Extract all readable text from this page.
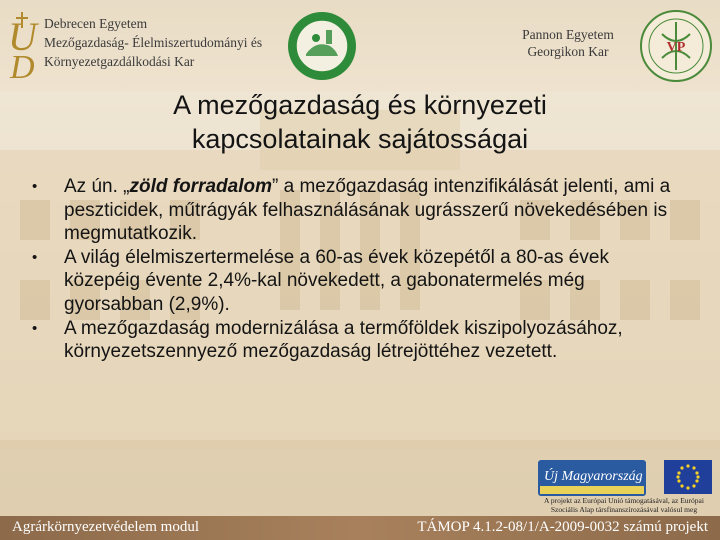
U
D
Debrecen Egyetem
Mezőgazdaság- Élelmiszertudományi és
Környezetgazdálkodási Kar
Pannon Egyetem
Georgikon Kar	VP
A mezőgazdaság és környezeti
kapcsolatainak sajátosságai
• Az ún. „zöld forradalom” a mezőgazdaság intenzifikálását jelenti, ami a peszticidek, műtrágyák felhasználásának ugrásszerű növekedésében is megmutatkozik.
• A világ élelmiszertermelése a 60-as évek közepétől a 80-as évek közepéig évente 2,4%-kal növekedett, a gabonatermelés még gyorsabban (2,9%).
• A mezőgazdaság modernizálása a termőföldek kiszipolyozásához, környezetszennyező mezőgazdaság létrejöttéhez vezetett.
Új Magyarország
A projekt az Európai Unió támogatásával, az Európai Szociális Alap társfinanszírozásával valósul meg
Agrárkörnyezetvédelem modul	TÁMOP 4.1.2-08/1/A-2009-0032 számú projekt
